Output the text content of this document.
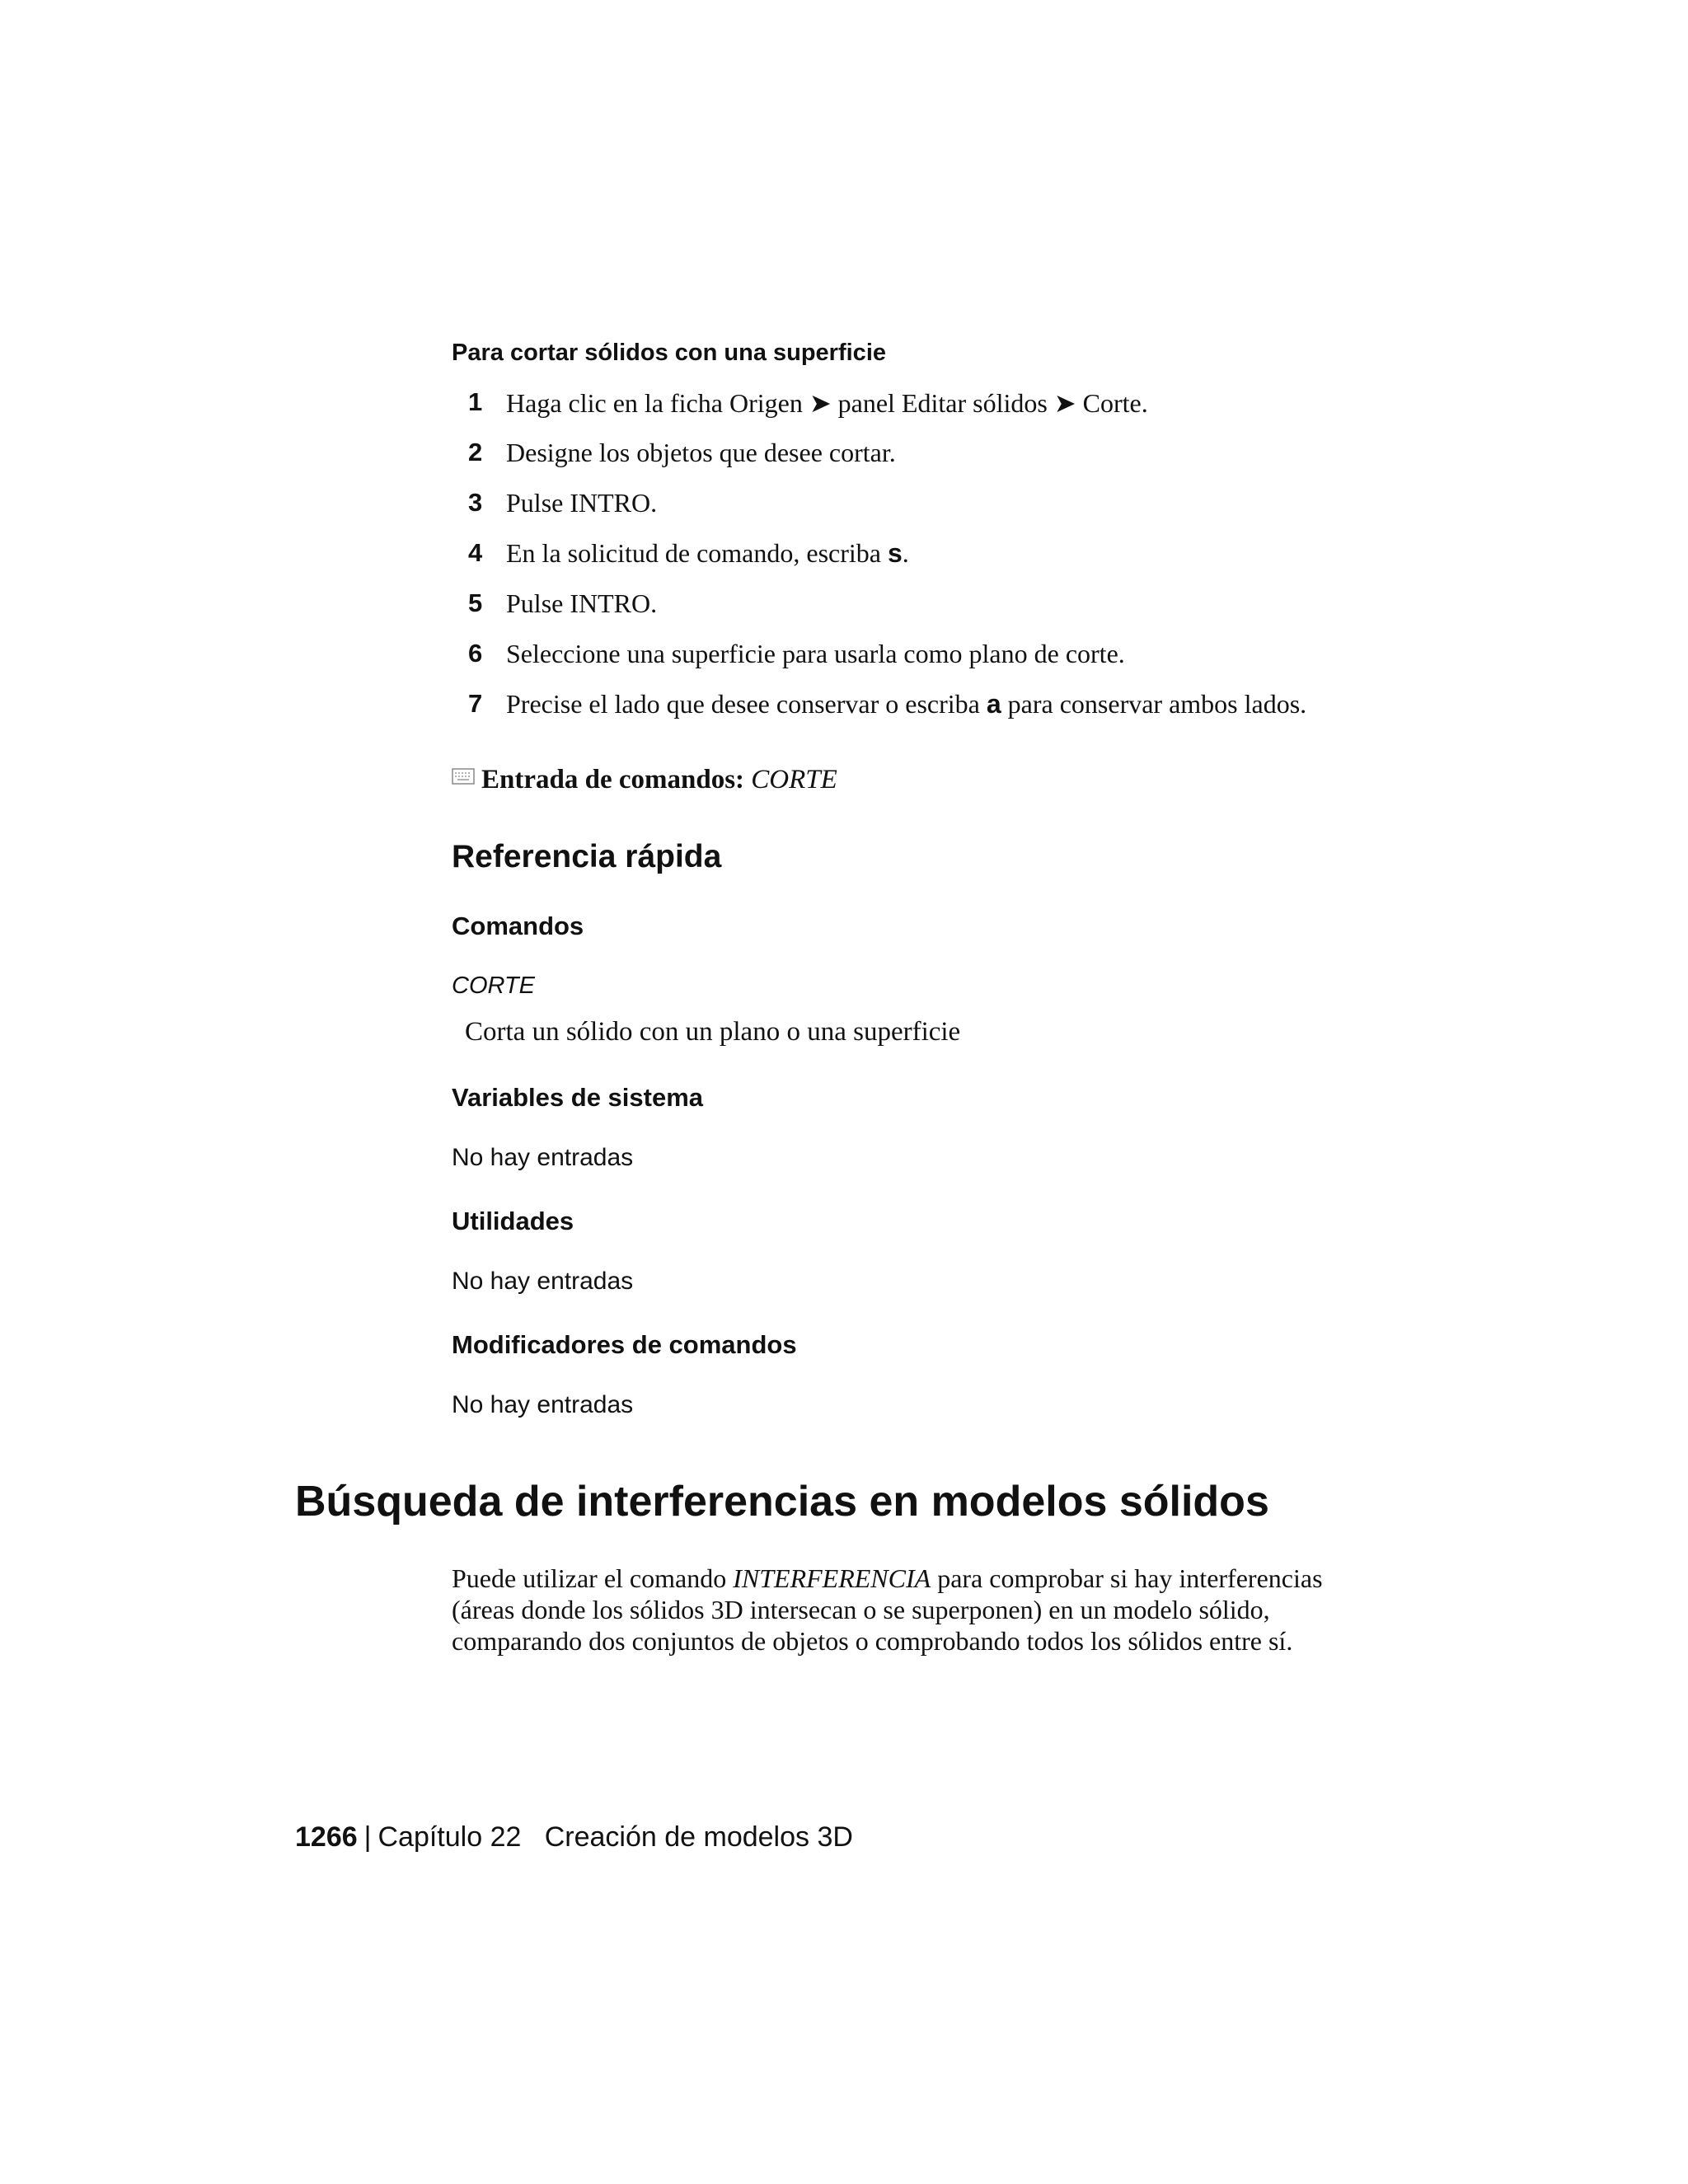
Para cortar sólidos con una superficie
1 Haga clic en la ficha Origen ➤ panel Editar sólidos ➤ Corte.
2 Designe los objetos que desee cortar.
3 Pulse INTRO.
4 En la solicitud de comando, escriba s.
5 Pulse INTRO.
6 Seleccione una superficie para usarla como plano de corte.
7 Precise el lado que desee conservar o escriba a para conservar ambos lados.
Entrada de comandos: CORTE
Referencia rápida
Comandos
CORTE
Corta un sólido con un plano o una superficie
Variables de sistema
No hay entradas
Utilidades
No hay entradas
Modificadores de comandos
No hay entradas
Búsqueda de interferencias en modelos sólidos
Puede utilizar el comando INTERFERENCIA para comprobar si hay interferencias (áreas donde los sólidos 3D intersecan o se superponen) en un modelo sólido, comparando dos conjuntos de objetos o comprobando todos los sólidos entre sí.
1266 | Capítulo 22 Creación de modelos 3D
